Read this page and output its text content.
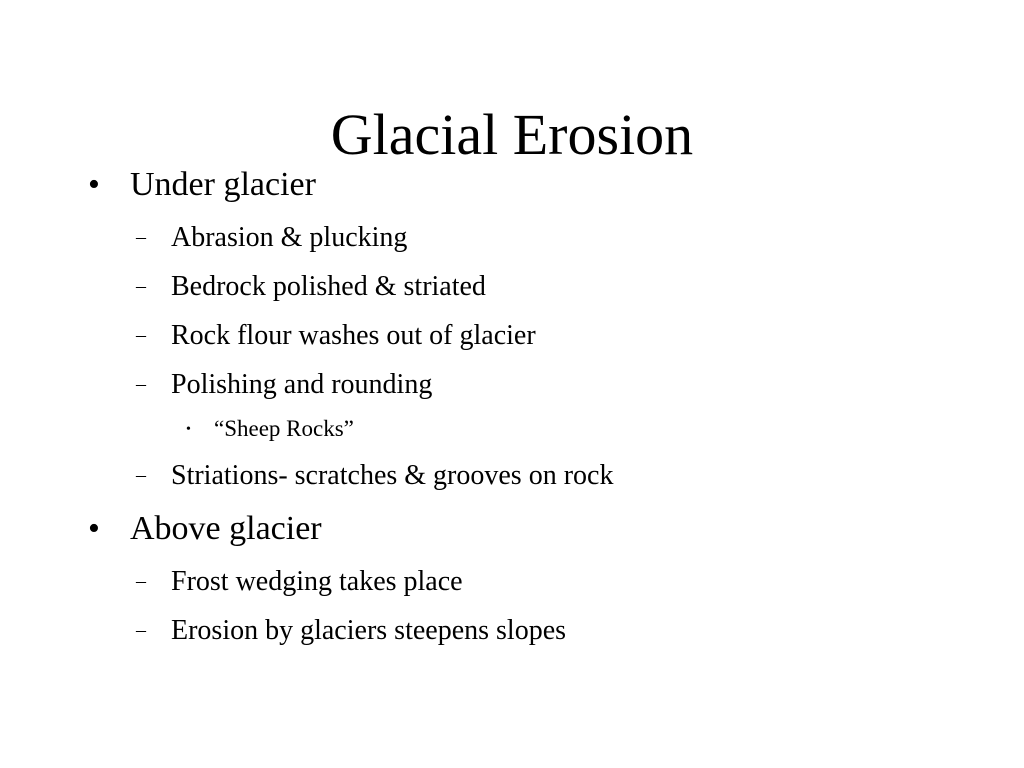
Glacial Erosion
• Under glacier
– Abrasion & plucking
– Bedrock polished & striated
– Rock flour washes out of glacier
– Polishing and rounding
• “Sheep Rocks”
– Striations- scratches & grooves on rock
• Above glacier
– Frost wedging takes place
– Erosion by glaciers steepens slopes
